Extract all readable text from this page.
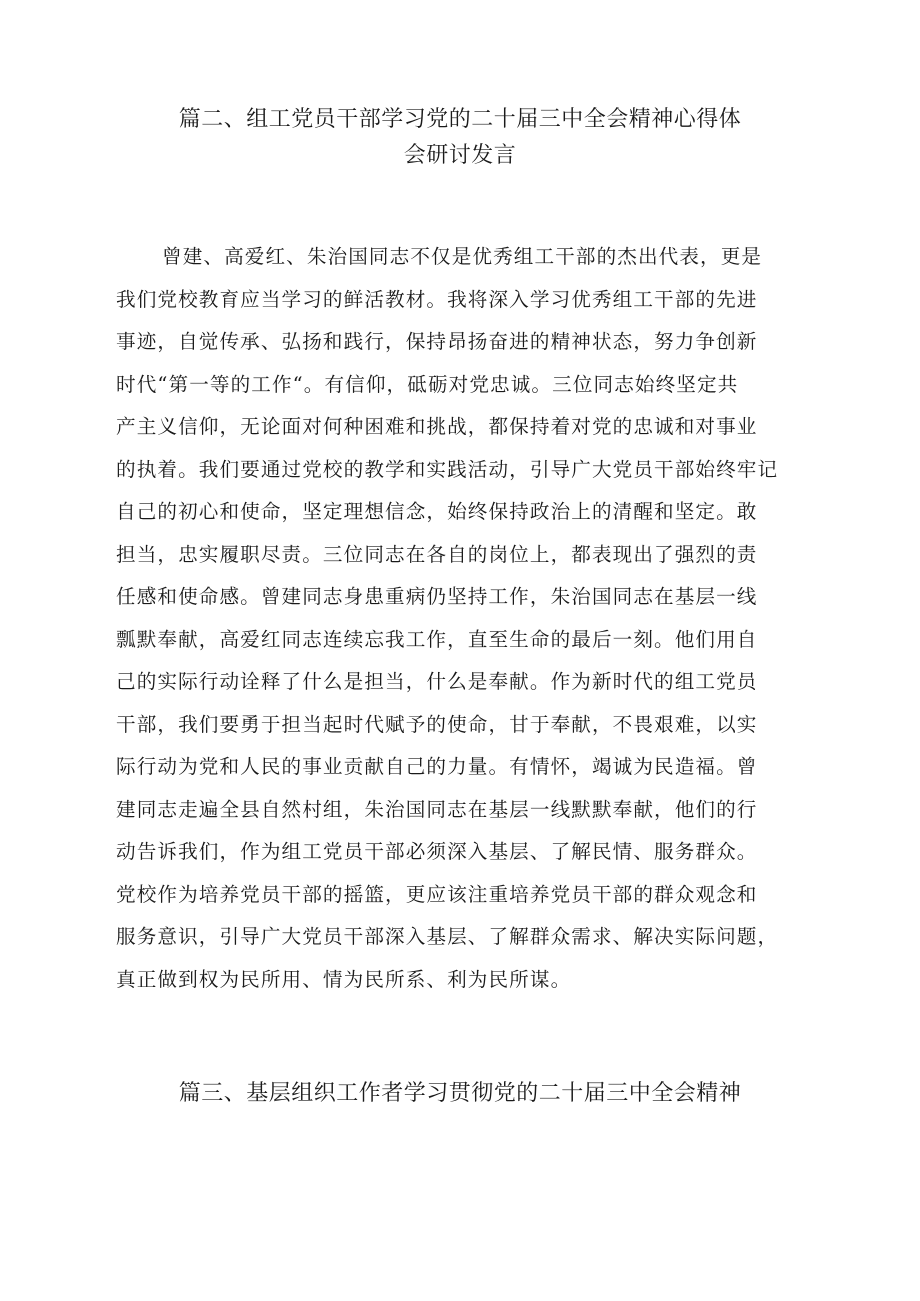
篇二、组工党员干部学习党的二十届三中全会精神心得体
会研讨发言
曾建、高爱红、朱治国同志不仅是优秀组工干部的杰出代表，更是
我们党校教育应当学习的鲜活教材。我将深入学习优秀组工干部的先进
事迹，自觉传承、弘扬和践行，保持昂扬奋进的精神状态，努力争创新
时代“第一等的工作“。有信仰，砥砺对党忠诚。三位同志始终坚定共
产主义信仰，无论面对何种困难和挑战，都保持着对党的忠诚和对事业
的执着。我们要通过党校的教学和实践活动，引导广大党员干部始终牢记
自己的初心和使命，坚定理想信念，始终保持政治上的清醒和坚定。敢
担当，忠实履职尽责。三位同志在各自的岗位上，都表现出了强烈的责
任感和使命感。曾建同志身患重病仍坚持工作，朱治国同志在基层一线
瓢默奉献，高爱红同志连续忘我工作，直至生命的最后一刻。他们用自
己的实际行动诠释了什么是担当，什么是奉献。作为新时代的组工党员
干部，我们要勇于担当起时代赋予的使命，甘于奉献，不畏艰难，以实
际行动为党和人民的事业贡献自己的力量。有情怀，竭诚为民造福。曾
建同志走遍全县自然村组，朱治国同志在基层一线默默奉献，他们的行
动告诉我们，作为组工党员干部必须深入基层、了解民情、服务群众。
党校作为培养党员干部的摇篮，更应该注重培养党员干部的群众观念和
服务意识，引导广大党员干部深入基层、了解群众需求、解决实际问题，
真正做到权为民所用、情为民所系、利为民所谋。
篇三、基层组织工作者学习贯彻党的二十届三中全会精神
